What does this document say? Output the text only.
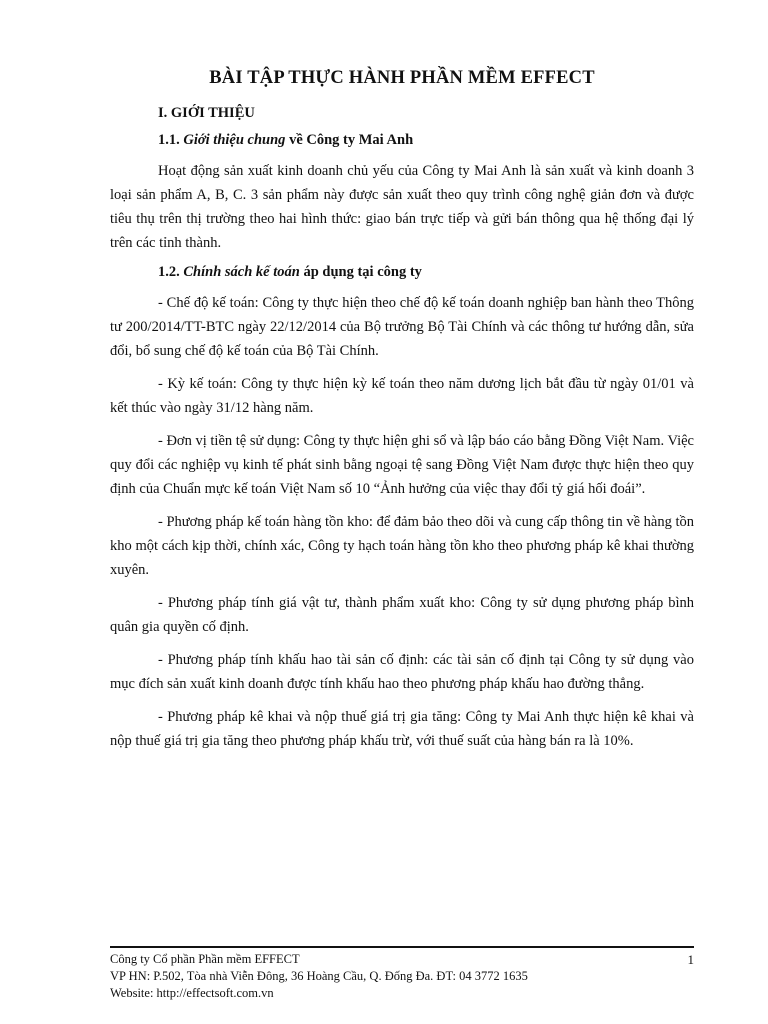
BÀI TẬP THỰC HÀNH PHẦN MỀM EFFECT
I. GIỚI THIỆU
1.1. Giới thiệu chung về Công ty Mai Anh

Hoạt động sản xuất kinh doanh chủ yếu của Công ty Mai Anh là sản xuất và kinh doanh 3 loại sản phẩm A, B, C. 3 sản phẩm này được sản xuất theo quy trình công nghệ giản đơn và được tiêu thụ trên thị trường theo hai hình thức: giao bán trực tiếp và gửi bán thông qua hệ thống đại lý trên các tỉnh thành.

1.2. Chính sách kế toán áp dụng tại công ty

- Chế độ kế toán: Công ty thực hiện theo chế độ kế toán doanh nghiệp ban hành theo Thông tư 200/2014/TT-BTC ngày 22/12/2014 của Bộ trưởng Bộ Tài Chính và các thông tư hướng dẫn, sửa đổi, bổ sung chế độ kế toán của Bộ Tài Chính.

- Kỳ kế toán: Công ty thực hiện kỳ kế toán theo năm dương lịch bắt đầu từ ngày 01/01 và kết thúc vào ngày 31/12 hàng năm.

- Đơn vị tiền tệ sử dụng: Công ty thực hiện ghi sổ và lập báo cáo bằng Đồng Việt Nam. Việc quy đổi các nghiệp vụ kinh tế phát sinh bằng ngoại tệ sang Đồng Việt Nam được thực hiện theo quy định của Chuẩn mực kế toán Việt Nam số 10 “Ảnh hưởng của việc thay đổi tỷ giá hối đoái”.

- Phương pháp kế toán hàng tồn kho: để đảm bảo theo dõi và cung cấp thông tin về hàng tồn kho một cách kịp thời, chính xác, Công ty hạch toán hàng tồn kho theo phương pháp kê khai thường xuyên.

- Phương pháp tính giá vật tư, thành phẩm xuất kho: Công ty sử dụng phương pháp bình quân gia quyền cố định.

- Phương pháp tính khấu hao tài sản cố định: các tài sản cố định tại Công ty sử dụng vào mục đích sản xuất kinh doanh được tính khấu hao theo phương pháp khấu hao đường thẳng.

- Phương pháp kê khai và nộp thuế giá trị gia tăng: Công ty Mai Anh thực hiện kê khai và nộp thuế giá trị gia tăng theo phương pháp khấu trừ, với thuế suất của hàng bán ra là 10%.

Công ty Cổ phần Phần mềm EFFECT
VP HN: P.502, Tòa nhà Viễn Đông, 36 Hoàng Cầu, Q. Đống Đa. ĐT: 04 3772 1635
Website: http://effectsoft.com.vn
1
